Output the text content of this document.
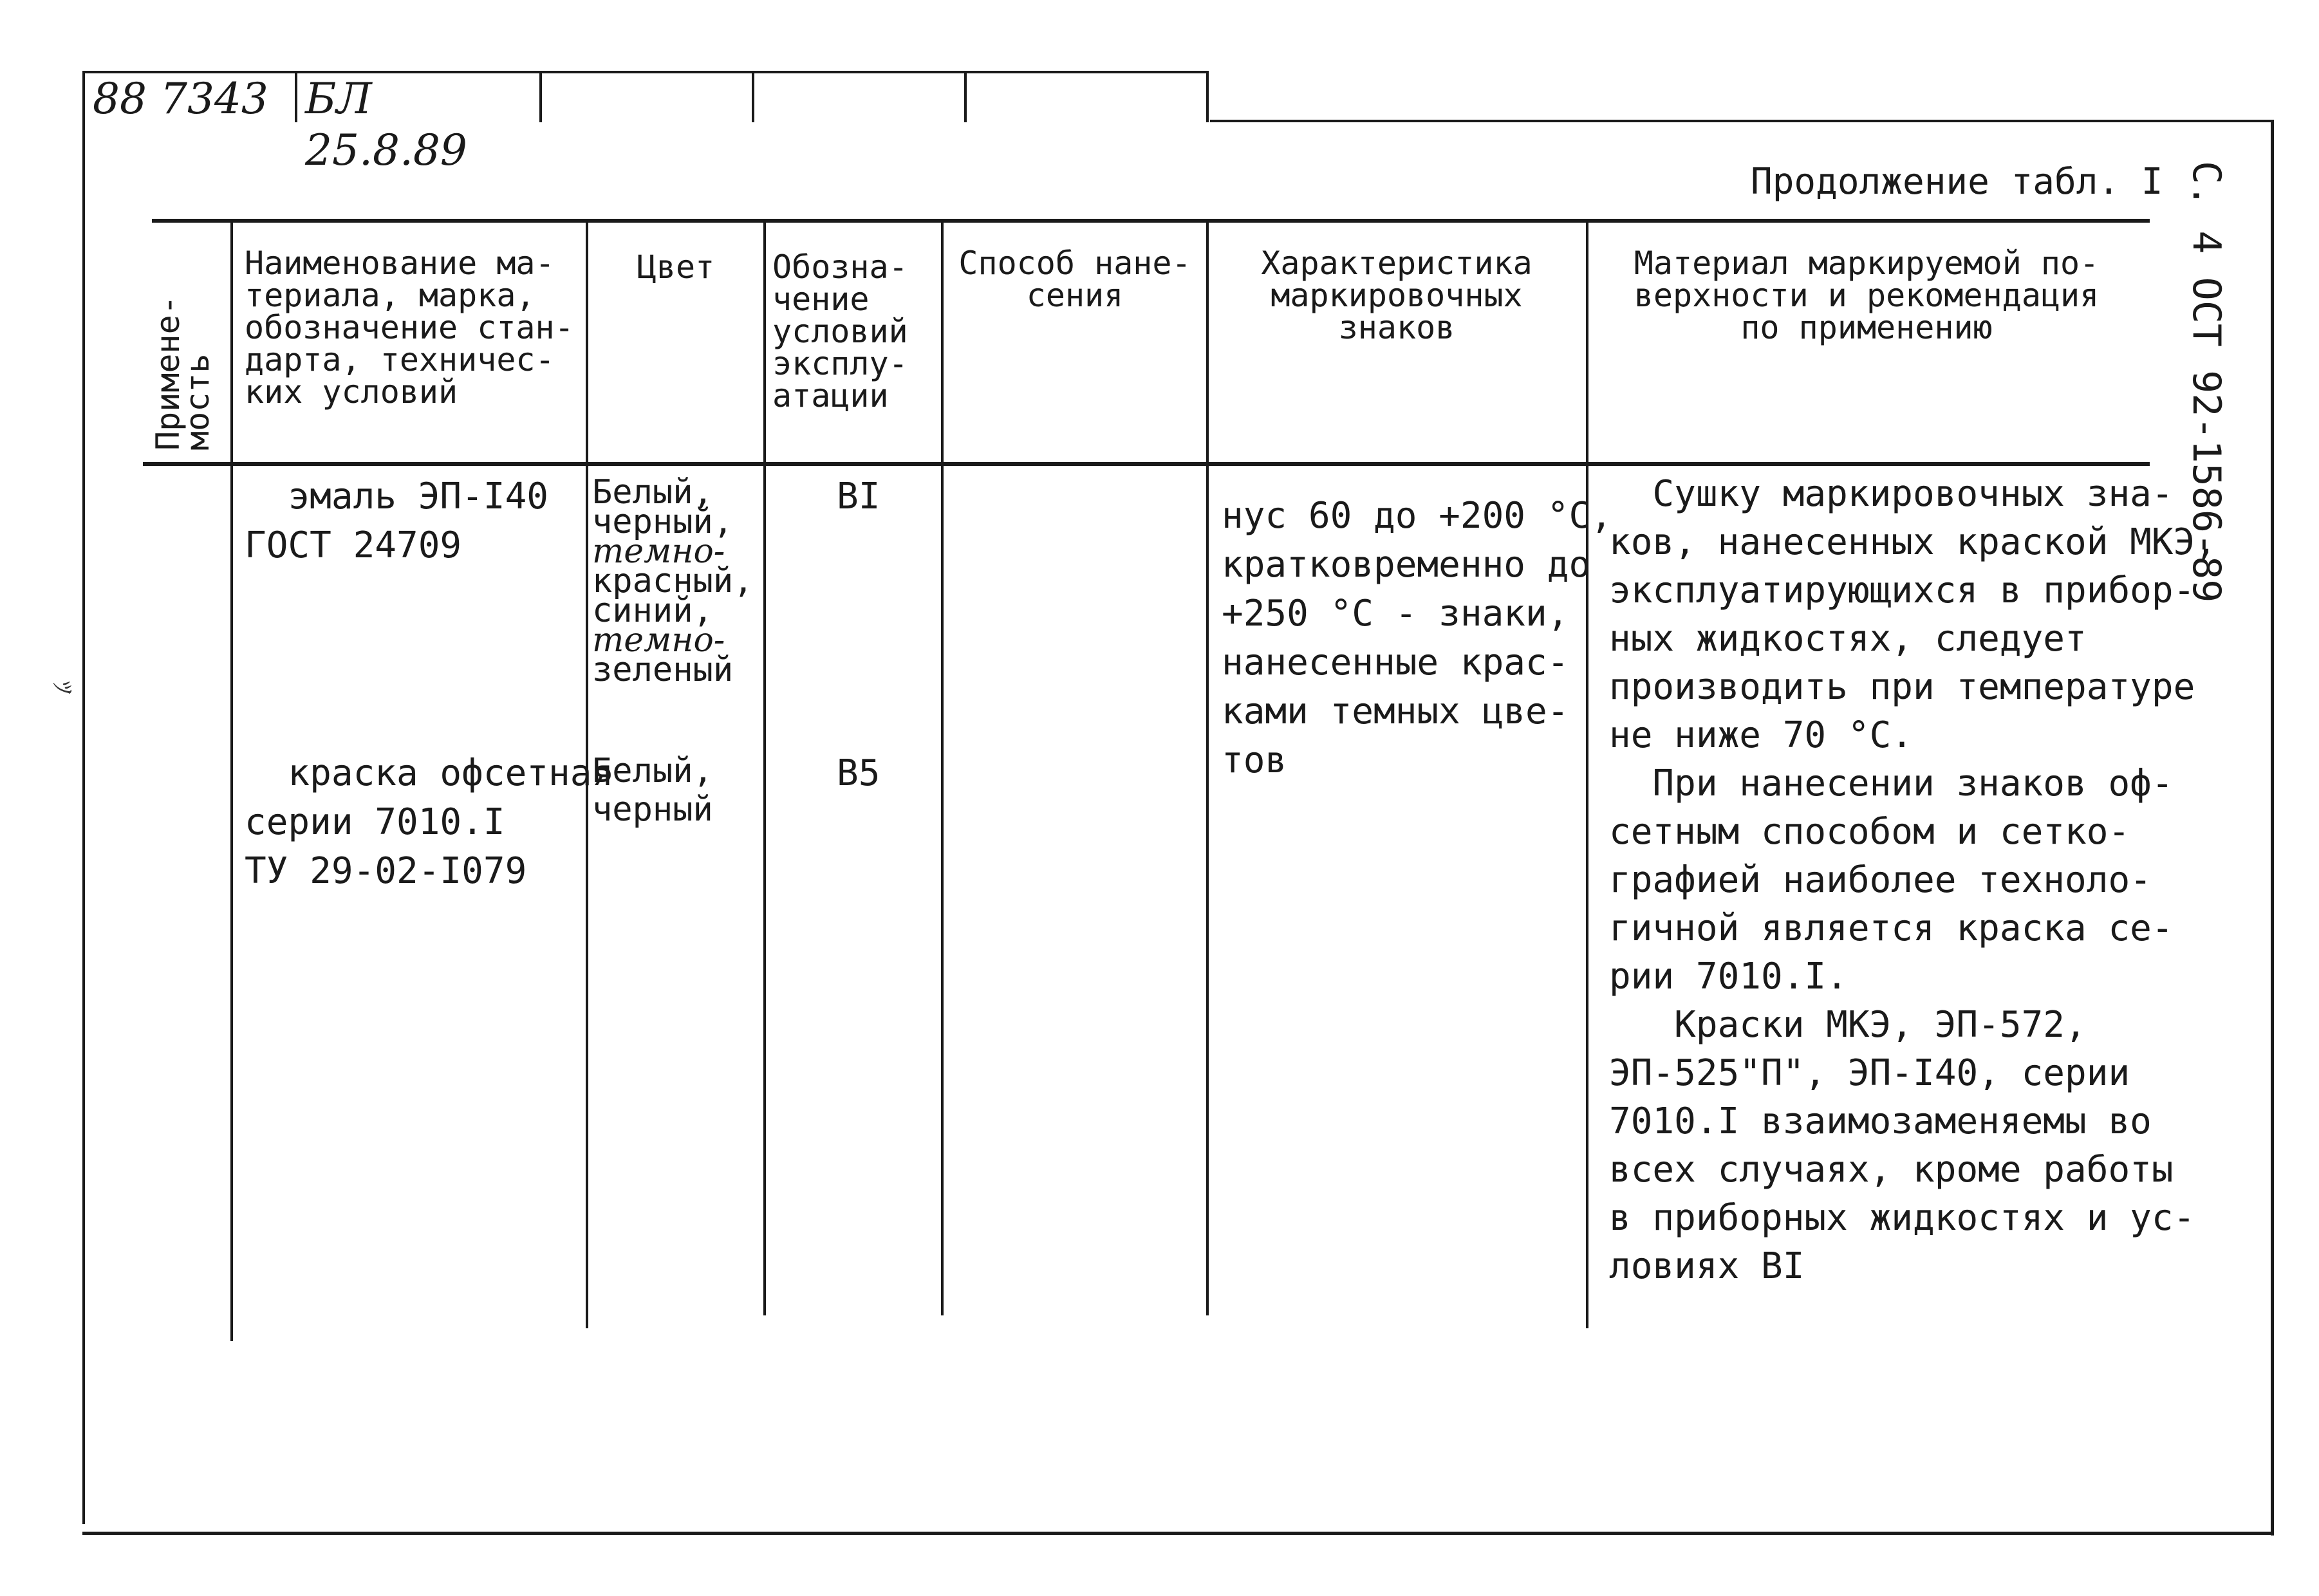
88 7343 БЛ 25.8.89
Продолжение табл. I С. 4 ОСТ 92-1586-89
Примене-
мость
Наименование ма-
териала, марка,
обозначение стан-
дарта, техничес-
ких условий
Цвет	Обозна-
чение
условий
эксплу-
атации
Способ нане-
сения
Характеристика
маркировочных
знаков
Материал маркируемой по-
верхности и рекомендация
по применению
эмаль ЭП-I40
ГОСТ 24709
Белый,
черный,
темно-
красный,
синий,
темно-
зеленый
BI
краска офсетная
серии 7010.I
ТУ 29-02-I079
Белый,
черный
B5
нус 60 до +200 °С,
кратковременно до
+250 °С - знаки,
нанесенные крас-
ками темных цве-
тов
Сушку маркировочных зна-
ков, нанесенных краской МКЭ,
эксплуатирующихся в прибор-
ных жидкостях, следует
производить при температуре
не ниже 70 °С.
При нанесении знаков оф-
сетным способом и сетко-
графией наиболее техноло-
гичной является краска се-
рии 7010.I.
Краски МКЭ, ЭП-572,
ЭП-525"П", ЭП-I40, серии
7010.I взаимозаменяемы во
всех случаях, кроме работы
в приборных жидкостях и ус-
ловиях BI
ﾂ
